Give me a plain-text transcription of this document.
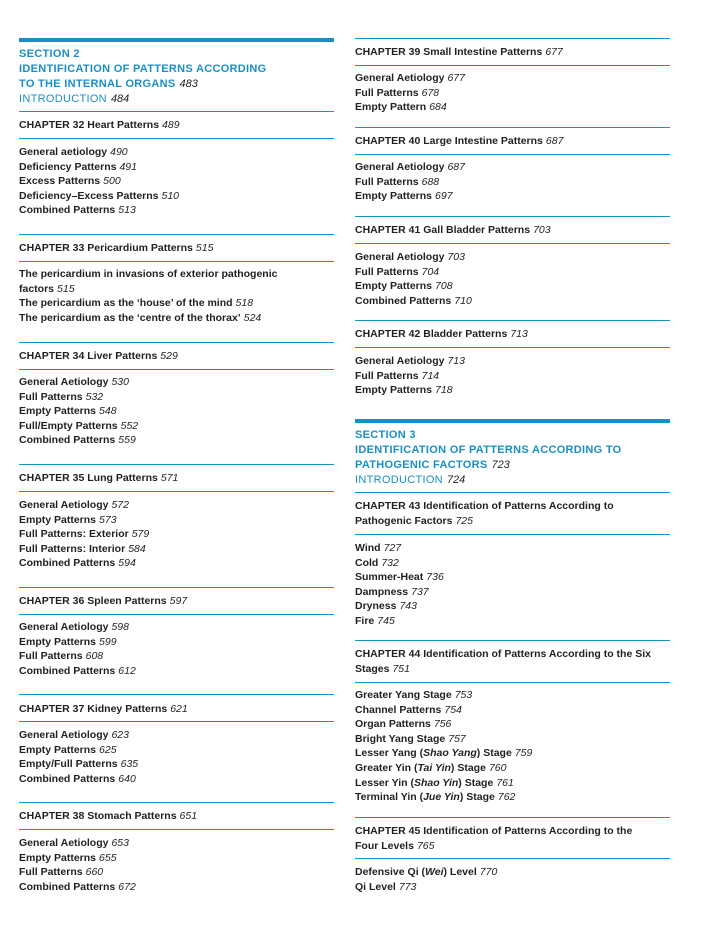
SECTION 2
IDENTIFICATION OF PATTERNS ACCORDING
TO THE INTERNAL ORGANS 483
INTRODUCTION 484
CHAPTER 32 Heart Patterns 489
General aetiology 490
Deficiency Patterns 491
Excess Patterns 500
Deficiency–Excess Patterns 510
Combined Patterns 513
CHAPTER 33 Pericardium Patterns 515
The pericardium in invasions of exterior pathogenic
factors 515
The pericardium as the ‘house’ of the mind 518
The pericardium as the ‘centre of the thorax’ 524
CHAPTER 34 Liver Patterns 529
General Aetiology 530
Full Patterns 532
Empty Patterns 548
Full/Empty Patterns 552
Combined Patterns 559
CHAPTER 35 Lung Patterns 571
General Aetiology 572
Empty Patterns 573
Full Patterns: Exterior 579
Full Patterns: Interior 584
Combined Patterns 594
CHAPTER 36 Spleen Patterns 597
General Aetiology 598
Empty Patterns 599
Full Patterns 608
Combined Patterns 612
CHAPTER 37 Kidney Patterns 621
General Aetiology 623
Empty Patterns 625
Empty/Full Patterns 635
Combined Patterns 640
CHAPTER 38 Stomach Patterns 651
General Aetiology 653
Empty Patterns 655
Full Patterns 660
Combined Patterns 672
CHAPTER 39 Small Intestine Patterns 677
General Aetiology 677
Full Patterns 678
Empty Pattern 684
CHAPTER 40 Large Intestine Patterns 687
General Aetiology 687
Full Patterns 688
Empty Patterns 697
CHAPTER 41 Gall Bladder Patterns 703
General Aetiology 703
Full Patterns 704
Empty Patterns 708
Combined Patterns 710
CHAPTER 42 Bladder Patterns 713
General Aetiology 713
Full Patterns 714
Empty Patterns 718
SECTION 3
IDENTIFICATION OF PATTERNS ACCORDING TO
PATHOGENIC FACTORS 723
INTRODUCTION 724
CHAPTER 43 Identification of Patterns According to
Pathogenic Factors 725
Wind 727
Cold 732
Summer-Heat 736
Dampness 737
Dryness 743
Fire 745
CHAPTER 44 Identification of Patterns According to the Six
Stages 751
Greater Yang Stage 753
Channel Patterns 754
Organ Patterns 756
Bright Yang Stage 757
Lesser Yang (Shao Yang) Stage 759
Greater Yin (Tai Yin) Stage 760
Lesser Yin (Shao Yin) Stage 761
Terminal Yin (Jue Yin) Stage 762
CHAPTER 45 Identification of Patterns According to the
Four Levels 765
Defensive Qi (Wei) Level 770
Qi Level 773
